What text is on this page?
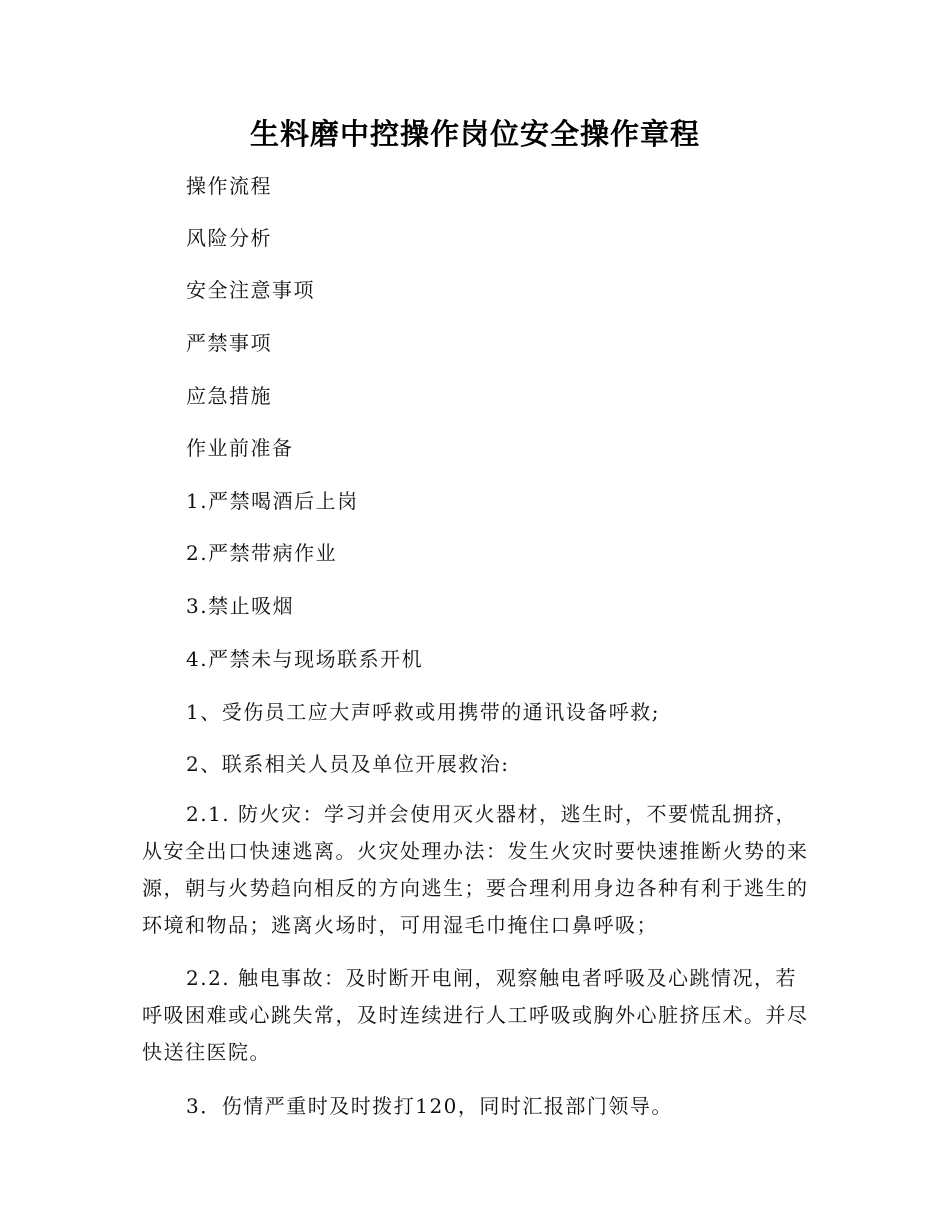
生料磨中控操作岗位安全操作章程
操作流程
风险分析
安全注意事项
严禁事项
应急措施
作业前准备
1.严禁喝酒后上岗
2.严禁带病作业
3.禁止吸烟
4.严禁未与现场联系开机
1、受伤员工应大声呼救或用携带的通讯设备呼救;
2、联系相关人员及单位开展救治:
2.1. 防火灾：学习并会使用灭火器材，逃生时，不要慌乱拥挤，从安全出口快速逃离。火灾处理办法：发生火灾时要快速推断火势的来源，朝与火势趋向相反的方向逃生；要合理利用身边各种有利于逃生的环境和物品；逃离火场时，可用湿毛巾掩住口鼻呼吸；
2.2. 触电事故：及时断开电闸，观察触电者呼吸及心跳情况，若呼吸困难或心跳失常，及时连续进行人工呼吸或胸外心脏挤压术。并尽快送往医院。
3．伤情严重时及时拨打120，同时汇报部门领导。
